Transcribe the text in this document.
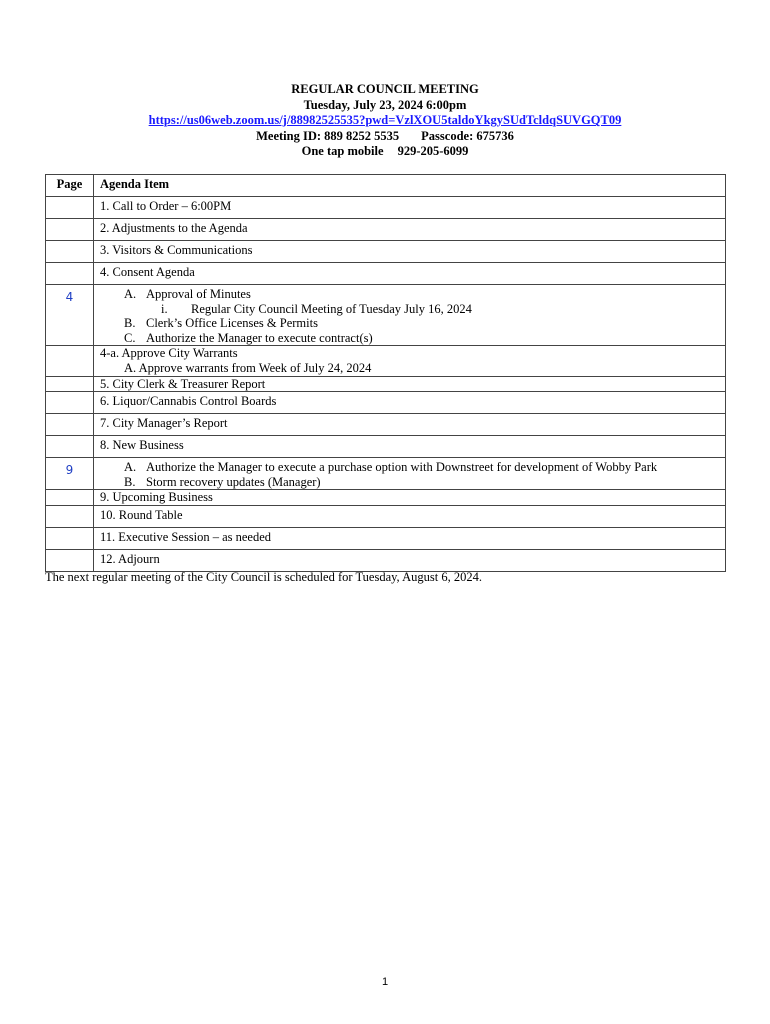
REGULAR COUNCIL MEETING
Tuesday, July 23, 2024 6:00pm
https://us06web.zoom.us/j/88982525535?pwd=VzlXOU5taldoYkgySUdTcldqSUVGQT09
Meeting ID: 889 8252 5535 Passcode: 675736
One tap mobile 929-205-6099
Page	Agenda Item
	1. Call to Order – 6:00PM
	2. Adjustments to the Agenda
	3. Visitors & Communications
	4. Consent Agenda

4	A. Approval of Minutes
i. Regular City Council Meeting of Tuesday July 16, 2024
B. Clerk’s Office Licenses & Permits
C. Authorize the Manager to execute contract(s)

	4-a. Approve City Warrants
A. Approve warrants from Week of July 24, 2024

	5. City Clerk & Treasurer Report
	6. Liquor/Cannabis Control Boards
	7. City Manager’s Report
	8. New Business

9	A. Authorize the Manager to execute a purchase option with Downstreet for development of Wobby Park
B. Storm recovery updates (Manager)

	9. Upcoming Business
	10. Round Table
	11. Executive Session – as needed
	12. Adjourn
The next regular meeting of the City Council is scheduled for Tuesday, August 6, 2024.
1
